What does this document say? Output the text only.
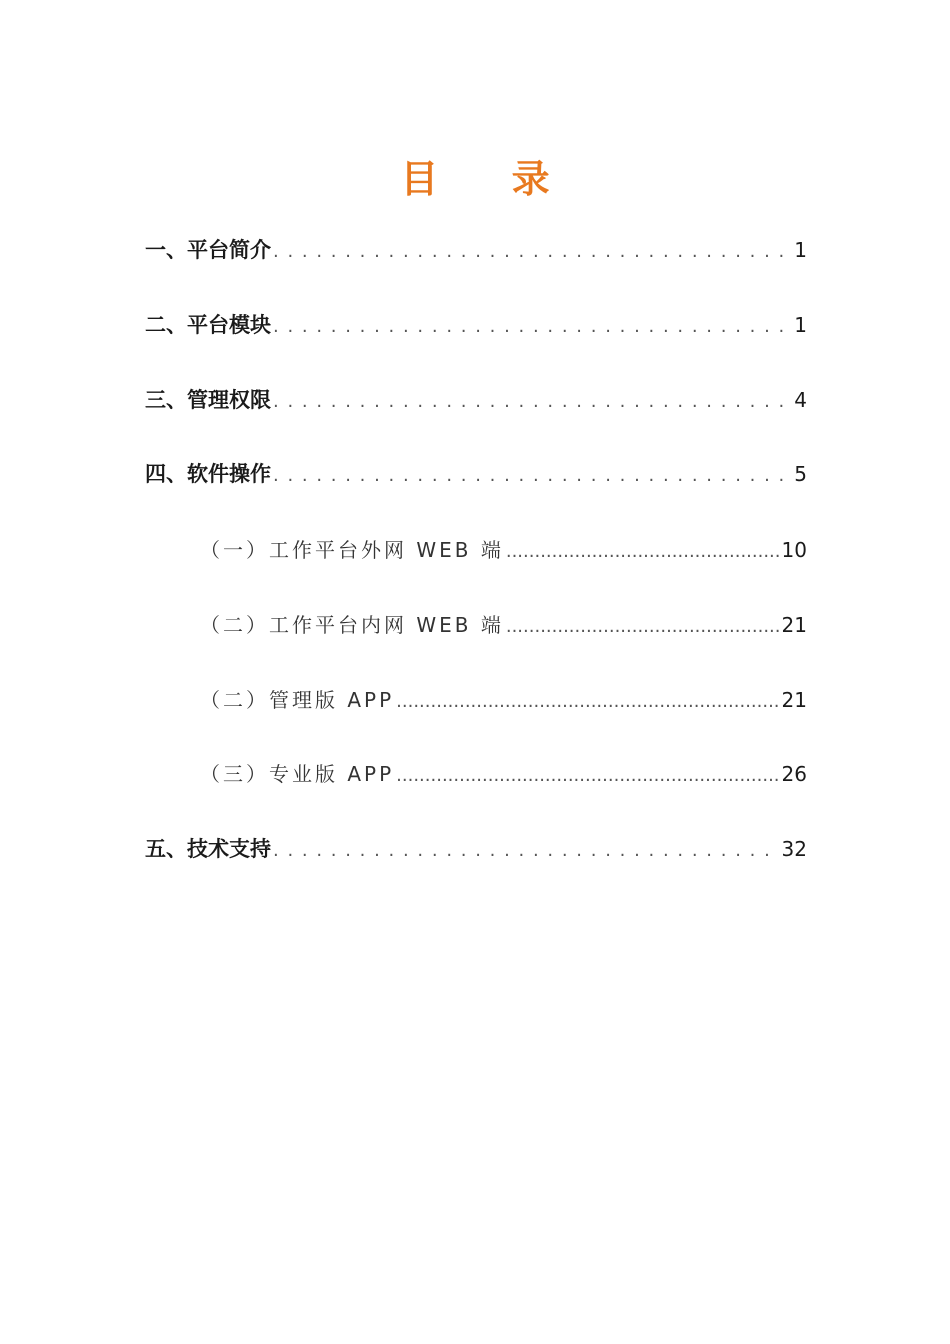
目 录
一、平台简介 . . .	1
二、平台模块 . . .	1
三、管理权限 . . .	4
四、软件操作 . . .	5
（一）工作平台外网 WEB 端 .....	10
（二）工作平台内网 WEB 端 .....	21
（二）管理版 APP .....	21
（三）专业版 APP .....	26
五、技术支持 . . .	32
